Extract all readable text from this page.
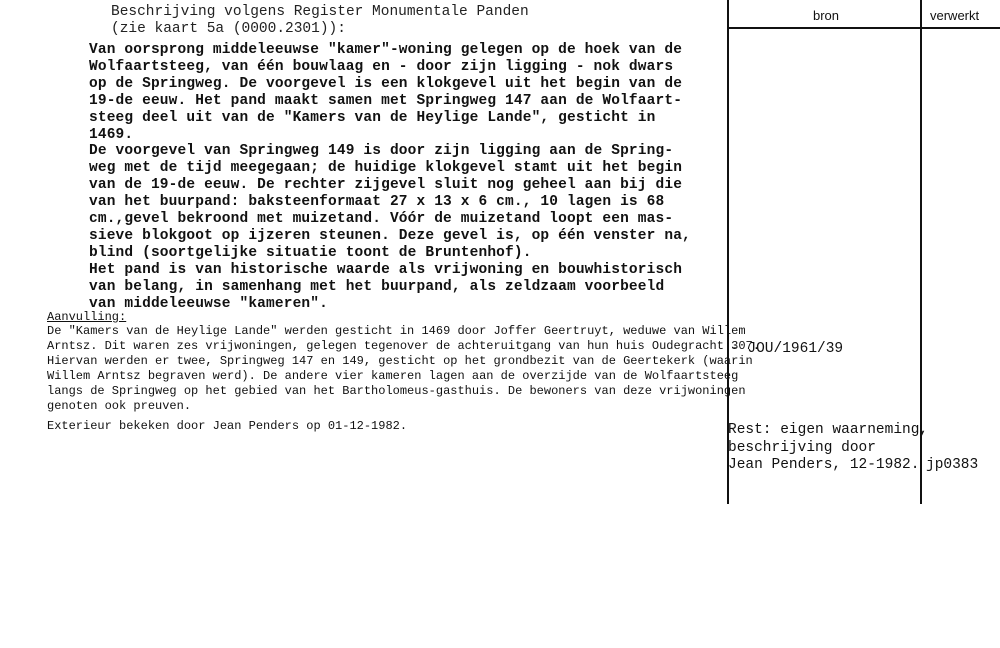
bron	verwerkt
Beschrijving volgens Register Monumentale Panden
(zie kaart 5a (0000.2301)):
Van oorsprong middeleeuwse "kamer"-woning gelegen op de hoek van de
Wolfaartsteeg, van één bouwlaag en - door zijn ligging - nok dwars
op de Springweg. De voorgevel is een klokgevel uit het begin van de
19-de eeuw. Het pand maakt samen met Springweg 147 aan de Wolfaart-
steeg deel uit van de "Kamers van de Heylige Lande", gesticht in
1469.
De voorgevel van Springweg 149 is door zijn ligging aan de Spring-
weg met de tijd meegegaan; de huidige klokgevel stamt uit het begin
van de 19-de eeuw. De rechter zijgevel sluit nog geheel aan bij die
van het buurpand: baksteenformaat 27 x 13 x 6 cm., 10 lagen is 68
cm.,gevel bekroond met muizetand. Vóór de muizetand loopt een mas-
sieve blokgoot op ijzeren steunen. Deze gevel is, op één venster na,
blind (soortgelijke situatie toont de Bruntenhof).
Het pand is van historische waarde als vrijwoning en bouwhistorisch
van belang, in samenhang met het buurpand, als zeldzaam voorbeeld
van middeleeuwse "kameren".
Aanvulling:
De "Kamers van de Heylige Lande" werden gesticht in 1469 door Joffer Geertruyt, weduwe van Willem
Arntsz. Dit waren zes vrijwoningen, gelegen tegenover de achteruitgang van hun huis Oudegracht 307.
Hiervan werden er twee, Springweg 147 en 149, gesticht op het grondbezit van de Geertekerk (waarin
Willem Arntsz begraven werd). De andere vier kameren lagen aan de overzijde van de Wolfaartsteeg
langs de Springweg op het gebied van het Bartholomeus-gasthuis. De bewoners van deze vrijwoningen
genoten ook preuven.
Exterieur bekeken door Jean Penders op 01-12-1982.
- JOU/1961/39
Rest: eigen waarneming,
beschrijving door
Jean Penders, 12-1982. jp0383
